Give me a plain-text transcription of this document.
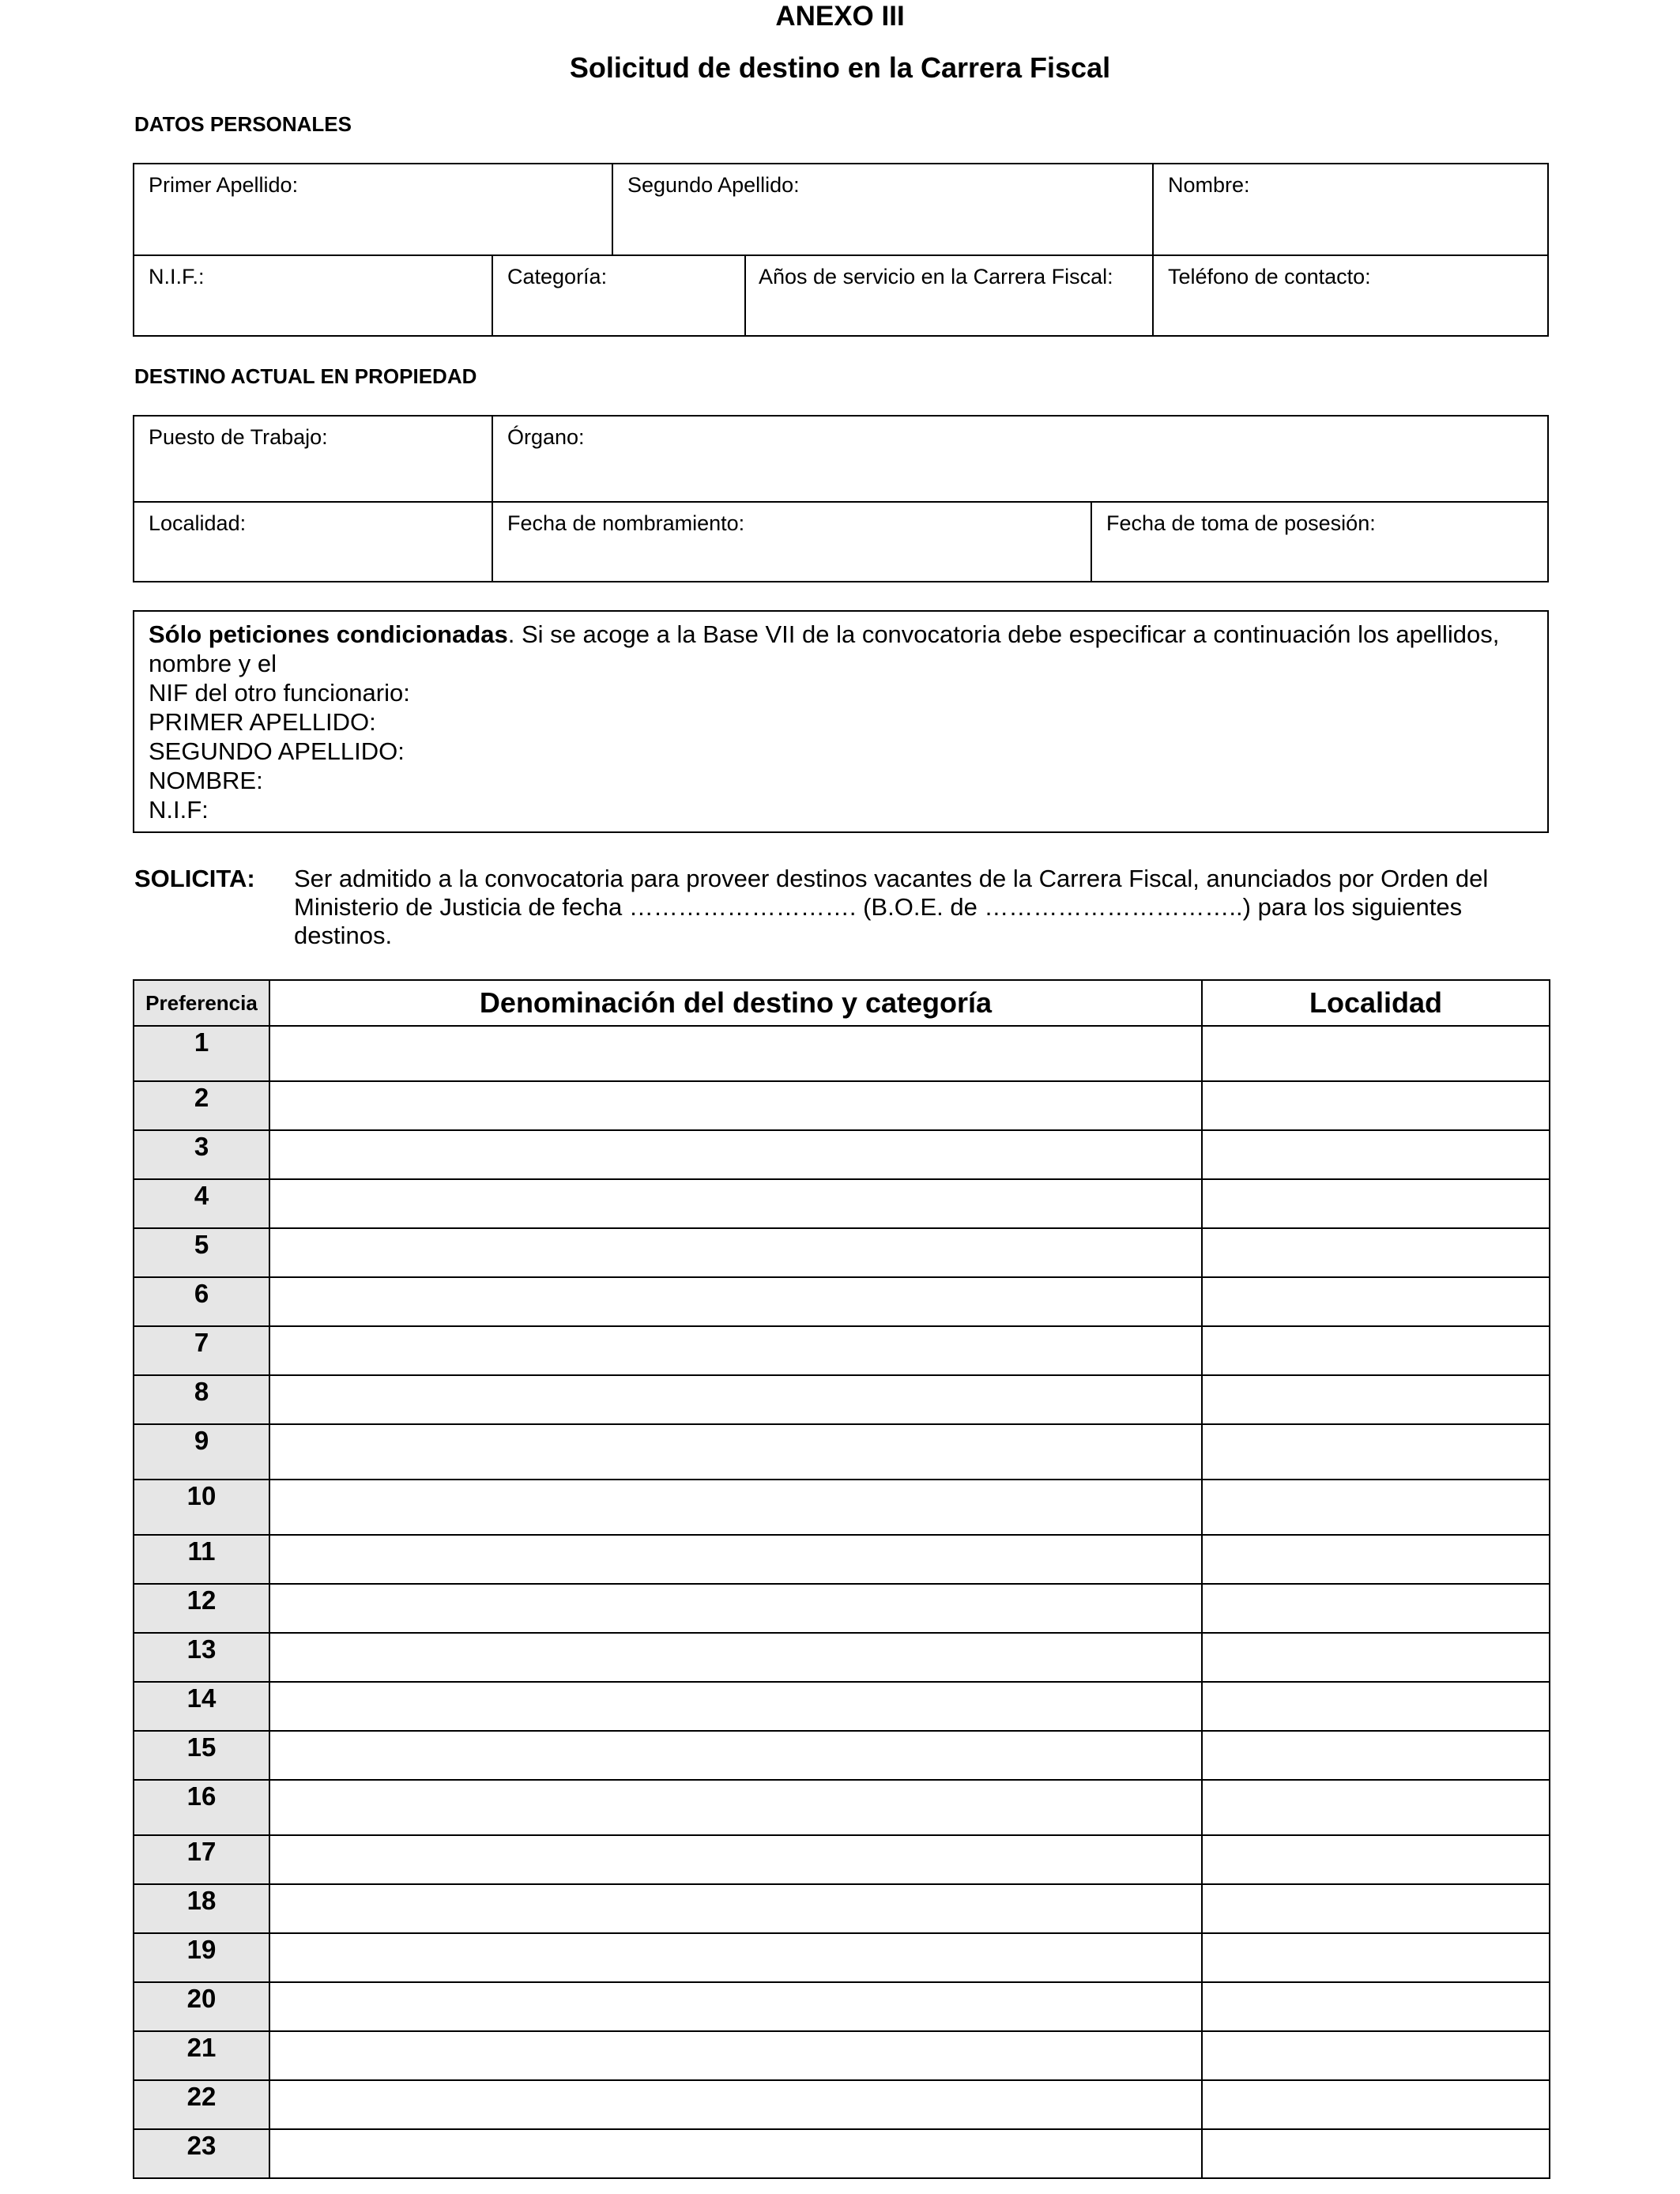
ANEXO III
Solicitud de destino en la Carrera Fiscal
DATOS PERSONALES
Primer Apellido:	Segundo Apellido:	Nombre:
N.I.F.:	Categoría:	Años de servicio en la Carrera Fiscal:	Teléfono de contacto:
DESTINO ACTUAL EN PROPIEDAD
Puesto de Trabajo:	Órgano:
Localidad:	Fecha de nombramiento:	Fecha de toma de posesión:
Sólo peticiones condicionadas. Si se acoge a la Base VII de la convocatoria debe especificar a continuación los apellidos, nombre y el
NIF del otro funcionario:
PRIMER APELLIDO:
SEGUNDO APELLIDO:
NOMBRE:
N.I.F:
SOLICITA: Ser admitido a la convocatoria para proveer destinos vacantes de la Carrera Fiscal, anunciados por Orden del Ministerio de Justicia de fecha ………………………. (B.O.E. de …………………………..) para los siguientes destinos.
Preferencia	Denominación del destino y categoría	Localidad
1		
2		
3		
4		
5		
6		
7		
8		
9		
10		
11		
12		
13		
14		
15		
16		
17		
18		
19		
20		
21		
22		
23		
